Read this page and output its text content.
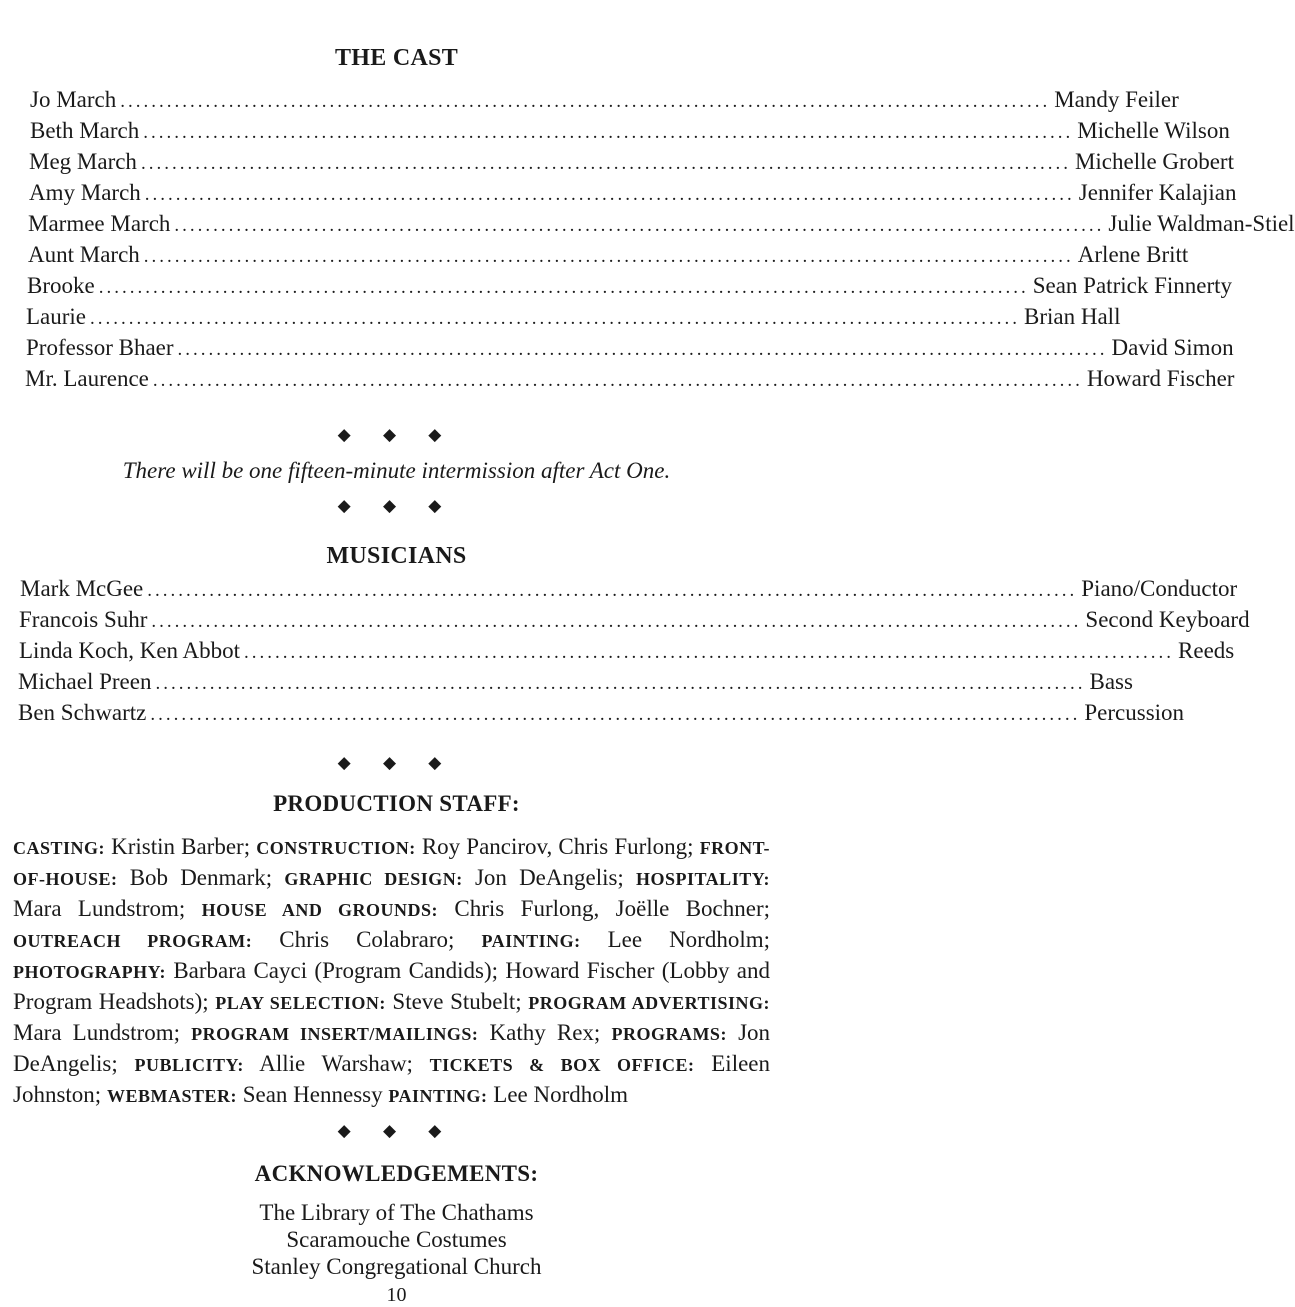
THE CAST
Jo March ........................................................................................................................ Mandy Feiler
Beth March ........................................................................................................................ Michelle Wilson
Meg March ........................................................................................................................ Michelle Grobert
Amy March ........................................................................................................................ Jennifer Kalajian
Marmee March ........................................................................................................................ Julie Waldman-Stiel
Aunt March ........................................................................................................................ Arlene Britt
Brooke ........................................................................................................................ Sean Patrick Finnerty
Laurie ........................................................................................................................ Brian Hall
Professor Bhaer ........................................................................................................................ David Simon
Mr. Laurence ........................................................................................................................ Howard Fischer
◆ ◆ ◆
There will be one fifteen-minute intermission after Act One.
◆ ◆ ◆
MUSICIANS
Mark McGee ........................................................................................................................ Piano/Conductor
Francois Suhr ........................................................................................................................ Second Keyboard
Linda Koch, Ken Abbot ........................................................................................................................ Reeds
Michael Preen ........................................................................................................................ Bass
Ben Schwartz ........................................................................................................................ Percussion
◆ ◆ ◆
PRODUCTION STAFF:

CASTING: Kristin Barber; CONSTRUCTION: Roy Pancirov, Chris Furlong; FRONT-OF-HOUSE: Bob Denmark; GRAPHIC DESIGN: Jon DeAngelis; HOSPITALITY: Mara Lundstrom; HOUSE AND GROUNDS: Chris Furlong, Joëlle Bochner; OUTREACH PROGRAM: Chris Colabraro; PAINTING: Lee Nordholm; PHOTOGRAPHY: Barbara Cayci (Program Candids); Howard Fischer (Lobby and Program Headshots); PLAY SELECTION: Steve Stubelt; PROGRAM ADVERTISING: Mara Lundstrom; PROGRAM INSERT/MAILINGS: Kathy Rex; PROGRAMS: Jon DeAngelis; PUBLICITY: Allie Warshaw; TICKETS & BOX OFFICE: Eileen Johnston; WEBMASTER: Sean Hennessy PAINTING: Lee Nordholm

◆ ◆ ◆
ACKNOWLEDGEMENTS:
The Library of The Chathams
Scaramouche Costumes
Stanley Congregational Church
10
